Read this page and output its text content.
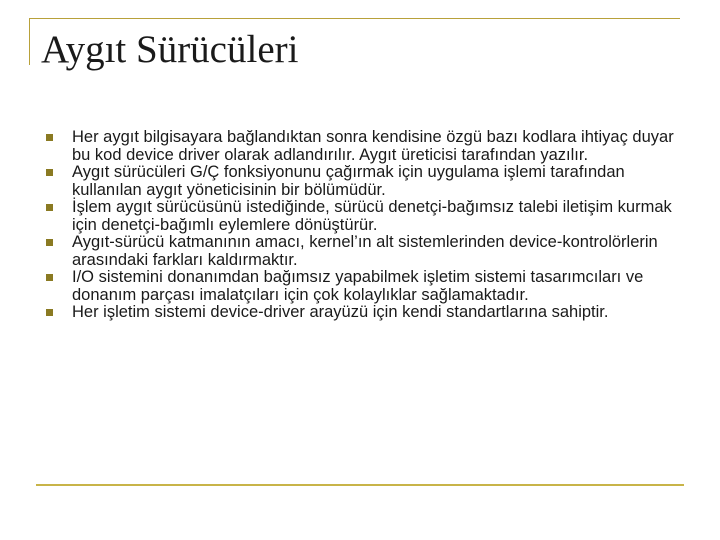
Aygıt Sürücüleri
Her aygıt bilgisayara bağlandıktan sonra kendisine özgü bazı kodlara ihtiyaç duyar bu kod device driver olarak adlandırılır. Aygıt üreticisi tarafından yazılır.
Aygıt sürücüleri G/Ç fonksiyonunu çağırmak için uygulama işlemi tarafından kullanılan aygıt yöneticisinin bir bölümüdür.
İşlem aygıt sürücüsünü istediğinde, sürücü denetçi-bağımsız talebi iletişim kurmak için denetçi-bağımlı eylemlere dönüştürür.
Aygıt-sürücü katmanının amacı, kernel’ın alt sistemlerinden device-kontrolörlerin arasındaki farkları kaldırmaktır.
I/O sistemini donanımdan bağımsız yapabilmek işletim sistemi tasarımcıları ve donanım parçası imalatçıları için çok kolaylıklar sağlamaktadır.
Her işletim sistemi device-driver arayüzü için kendi standartlarına sahiptir.
